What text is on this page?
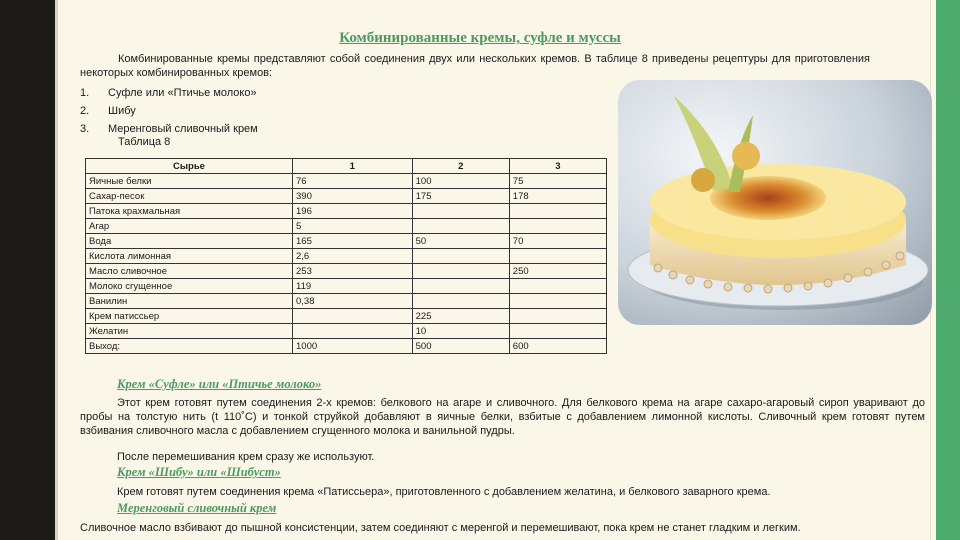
Комбинированные кремы, суфле и муссы
Комбинированные кремы представляют собой соединения двух или нескольких кремов. В таблице 8 приведены рецептуры для приготовления некоторых комбинированных кремов:
1. Суфле или «Птичье молоко»
2. Шибу
3. Меренговый сливочный крем
Таблица 8
Сырье	1	2	3
Яичные белки	76	100	75
Сахар-песок	390	175	178
Патока крахмальная	196		
Агар	5		
Вода	165	50	70
Кислота лимонная	2,6		
Масло сливочное	253		250
Молоко сгущенное	119		
Ванилин	0,38		
Крем патиссьер		225	
Желатин		10	
Выход:	1000	500	600
Крем «Суфле» или «Птичье молоко»
Этот крем готовят путем соединения 2-х кремов: белкового на агаре и сливочного. Для белкового крема на агаре сахаро-агаровый сироп уваривают до пробы на толстую нить (t 110˚С) и тонкой струйкой добавляют в яичные белки, взбитые с добавлением лимонной кислоты. Сливочный крем готовят путем взбивания сливочного масла с добавлением сгущенного молока и ванильной пудры.
После перемешивания крем сразу же используют.
Крем «Шибу» или «Шибуст»
Крем готовят путем соединения крема «Патиссьера», приготовленного с добавлением желатина, и белкового заварного крема.
Меренговый сливочный крем
Сливочное масло взбивают до пышной консистенции, затем соединяют с меренгой и перемешивают, пока крем не станет гладким и легким.
